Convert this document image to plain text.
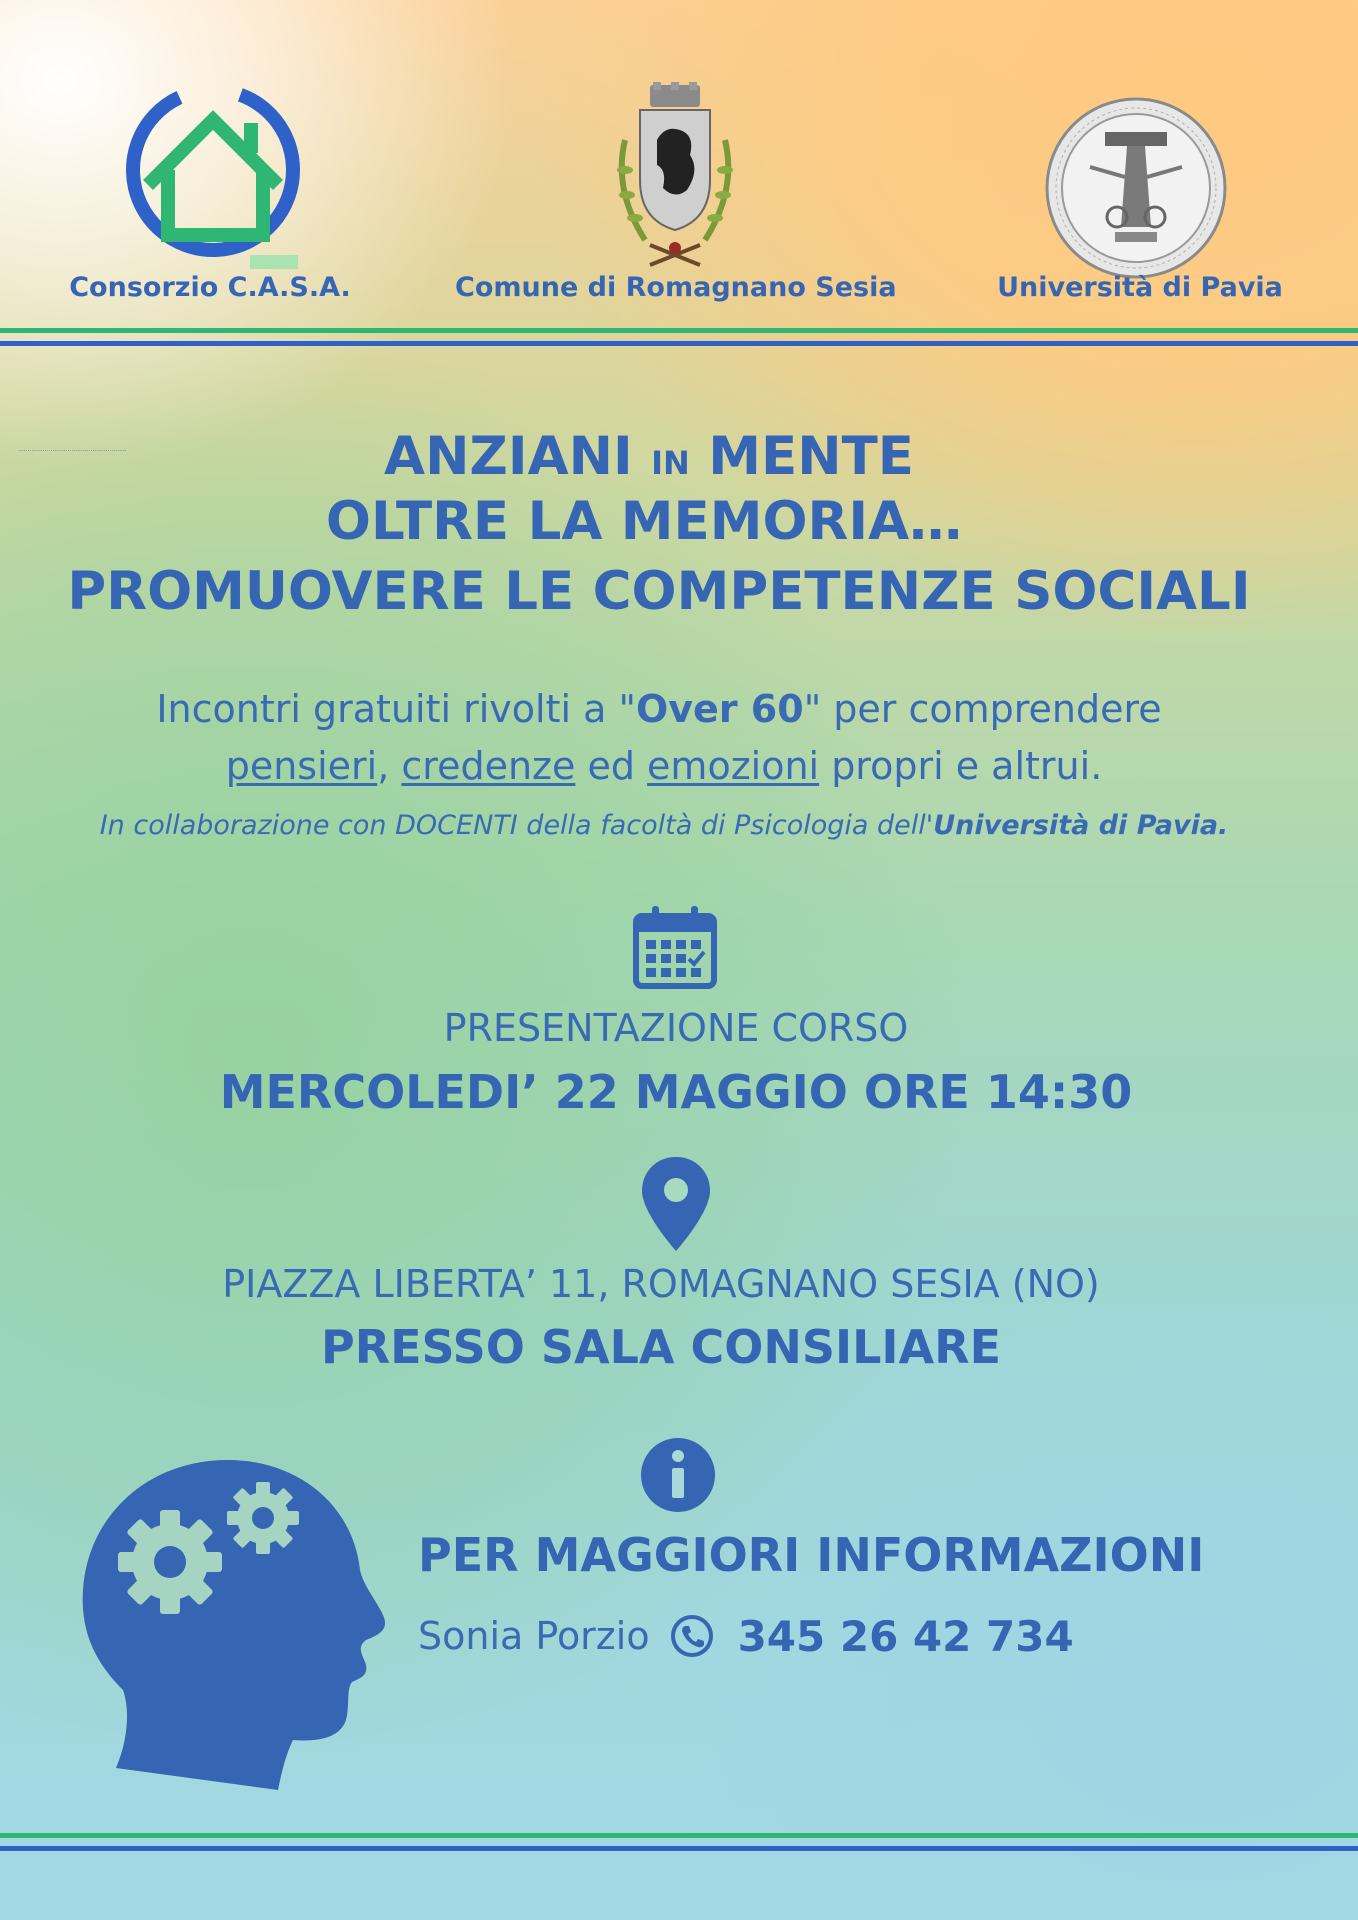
Consorzio C.A.S.A.	Comune di Romagnano Sesia	Università di Pavia
·························································	ANZIANI IN MENTE
OLTRE LA MEMORIA…
PROMUOVERE LE COMPETENZE SOCIALI
Incontri gratuiti rivolti a "Over 60" per comprendere
pensieri, credenze ed emozioni propri e altrui.
In collaborazione con DOCENTI della facoltà di Psicologia dell'Università di Pavia.
PRESENTAZIONE CORSO
MERCOLEDI’ 22 MAGGIO ORE 14:30
PIAZZA LIBERTA’ 11, ROMAGNANO SESIA (NO)
PRESSO SALA CONSILIARE
PER MAGGIORI INFORMAZIONI
Sonia Porzio 345 26 42 734
